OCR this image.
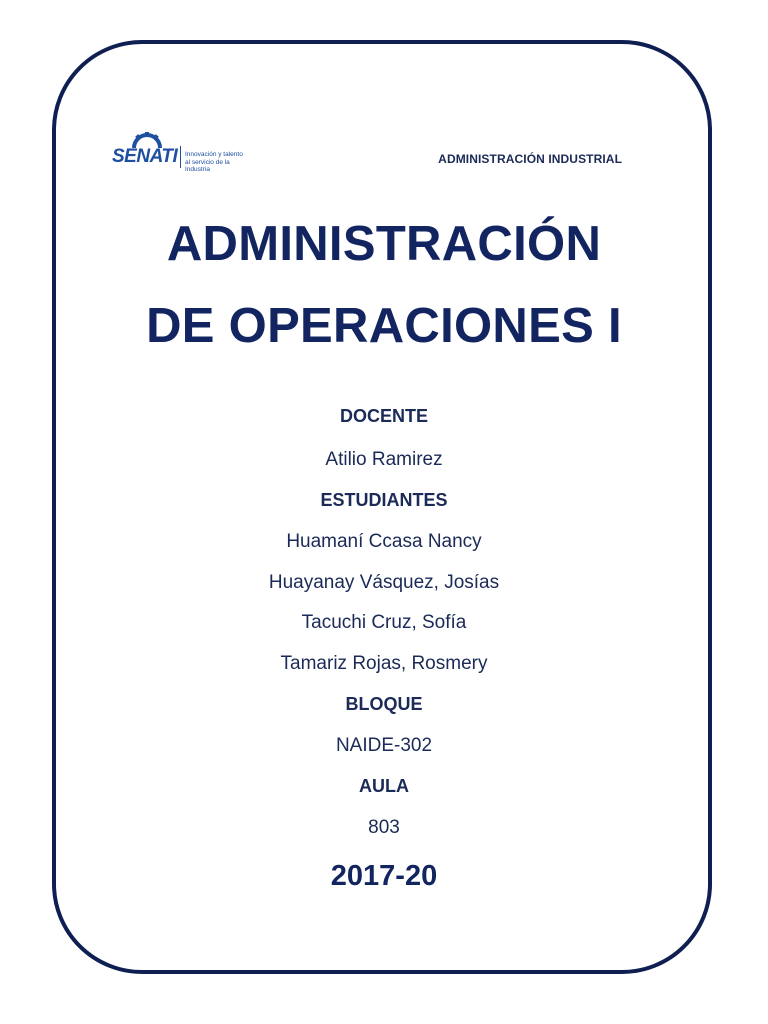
SENATI Innovación y talento
al servicio de la Industria
ADMINISTRACIÓN INDUSTRIAL
ADMINISTRACIÓN
DE OPERACIONES I
DOCENTE
Atilio Ramirez
ESTUDIANTES
Huamaní Ccasa Nancy
Huayanay Vásquez, Josías
Tacuchi Cruz, Sofía
Tamariz Rojas, Rosmery
BLOQUE
NAIDE-302
AULA
803
2017-20
